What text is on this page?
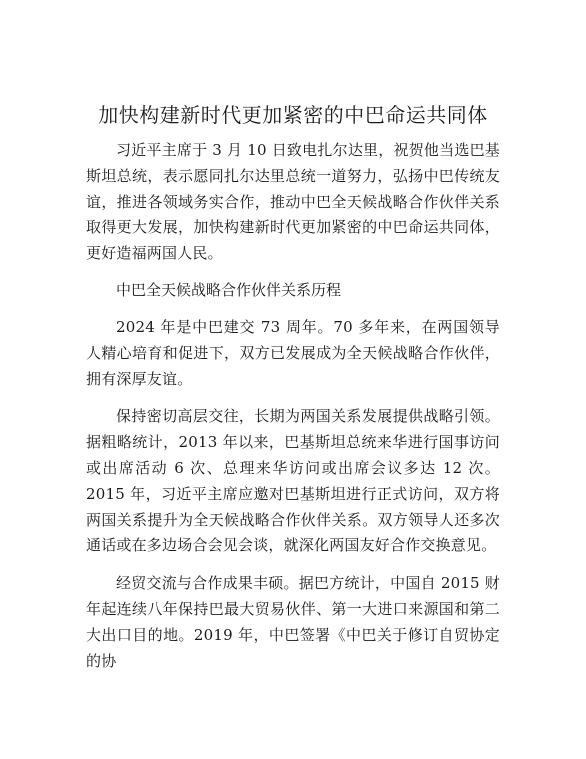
加快构建新时代更加紧密的中巴命运共同体

习近平主席于 3 月 10 日致电扎尔达里，祝贺他当选巴基斯坦总统，表示愿同扎尔达里总统一道努力，弘扬中巴传统友谊，推进各领域务实合作，推动中巴全天候战略合作伙伴关系取得更大发展，加快构建新时代更加紧密的中巴命运共同体，更好造福两国人民。

中巴全天候战略合作伙伴关系历程

2024 年是中巴建交 73 周年。70 多年来，在两国领导人精心培育和促进下，双方已发展成为全天候战略合作伙伴，拥有深厚友谊。

保持密切高层交往，长期为两国关系发展提供战略引领。据粗略统计，2013 年以来，巴基斯坦总统来华进行国事访问或出席活动 6 次、总理来华访问或出席会议多达 12 次。2015 年，习近平主席应邀对巴基斯坦进行正式访问，双方将两国关系提升为全天候战略合作伙伴关系。双方领导人还多次通话或在多边场合会见会谈，就深化两国友好合作交换意见。

经贸交流与合作成果丰硕。据巴方统计，中国自 2015 财年起连续八年保持巴最大贸易伙伴、第一大进口来源国和第二大出口目的地。2019 年，中巴签署《中巴关于修订自贸协定的协
